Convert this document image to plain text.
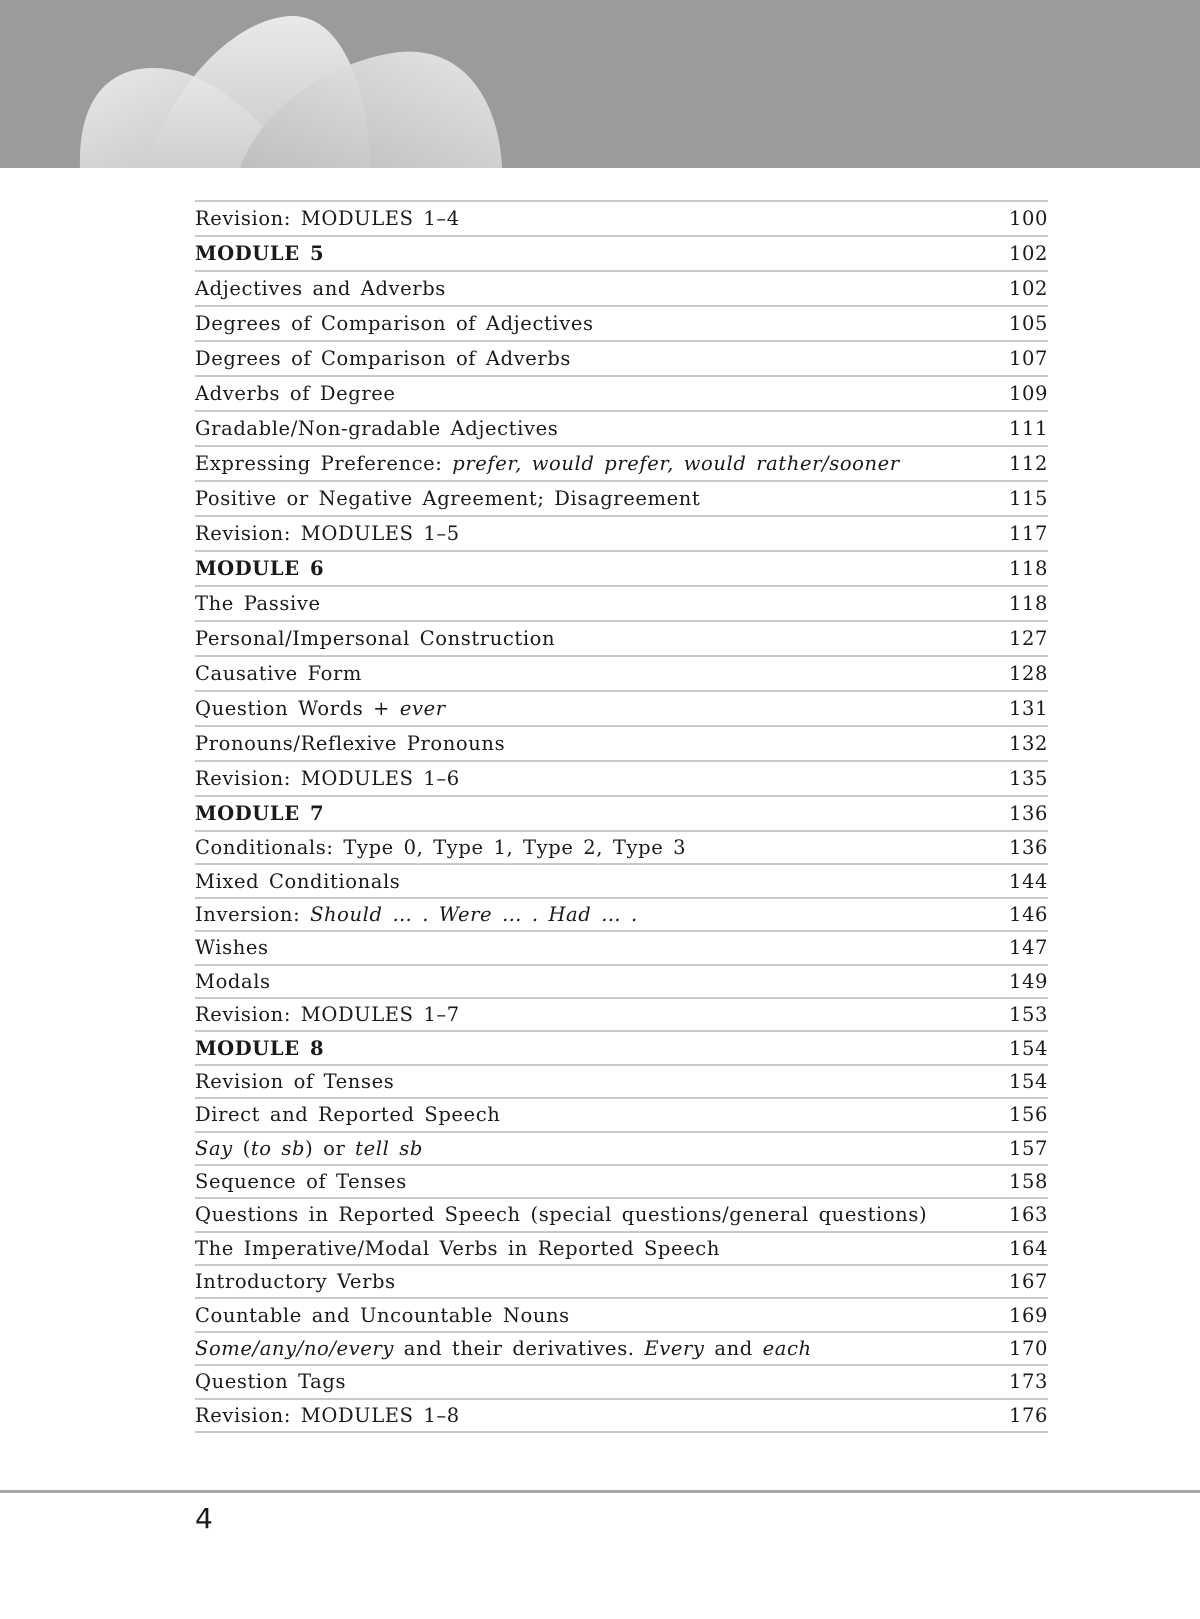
Revision: MODULES 1–4	100
MODULE 5	102
Adjectives and Adverbs	102
Degrees of Comparison of Adjectives	105
Degrees of Comparison of Adverbs	107
Adverbs of Degree	109
Gradable/Non-gradable Adjectives	111
Expressing Preference: prefer, would prefer, would rather/sooner	112
Positive or Negative Agreement; Disagreement	115
Revision: MODULES 1–5	117
MODULE 6	118
The Passive	118
Personal/Impersonal Construction	127
Causative Form	128
Question Words + ever	131
Pronouns/Reflexive Pronouns	132
Revision: MODULES 1–6	135
MODULE 7	136
Conditionals: Type 0, Type 1, Type 2, Type 3	136
Mixed Conditionals	144
Inversion: Should … . Were … . Had … .	146
Wishes	147
Modals	149
Revision: MODULES 1–7	153
MODULE 8	154
Revision of Tenses	154
Direct and Reported Speech	156
Say (to sb) or tell sb	157
Sequence of Tenses	158
Questions in Reported Speech (special questions/general questions)	163
The Imperative/Modal Verbs in Reported Speech	164
Introductory Verbs	167
Countable and Uncountable Nouns	169
Some/any/no/every and their derivatives. Every and each	170
Question Tags	173
Revision: MODULES 1–8	176
4
